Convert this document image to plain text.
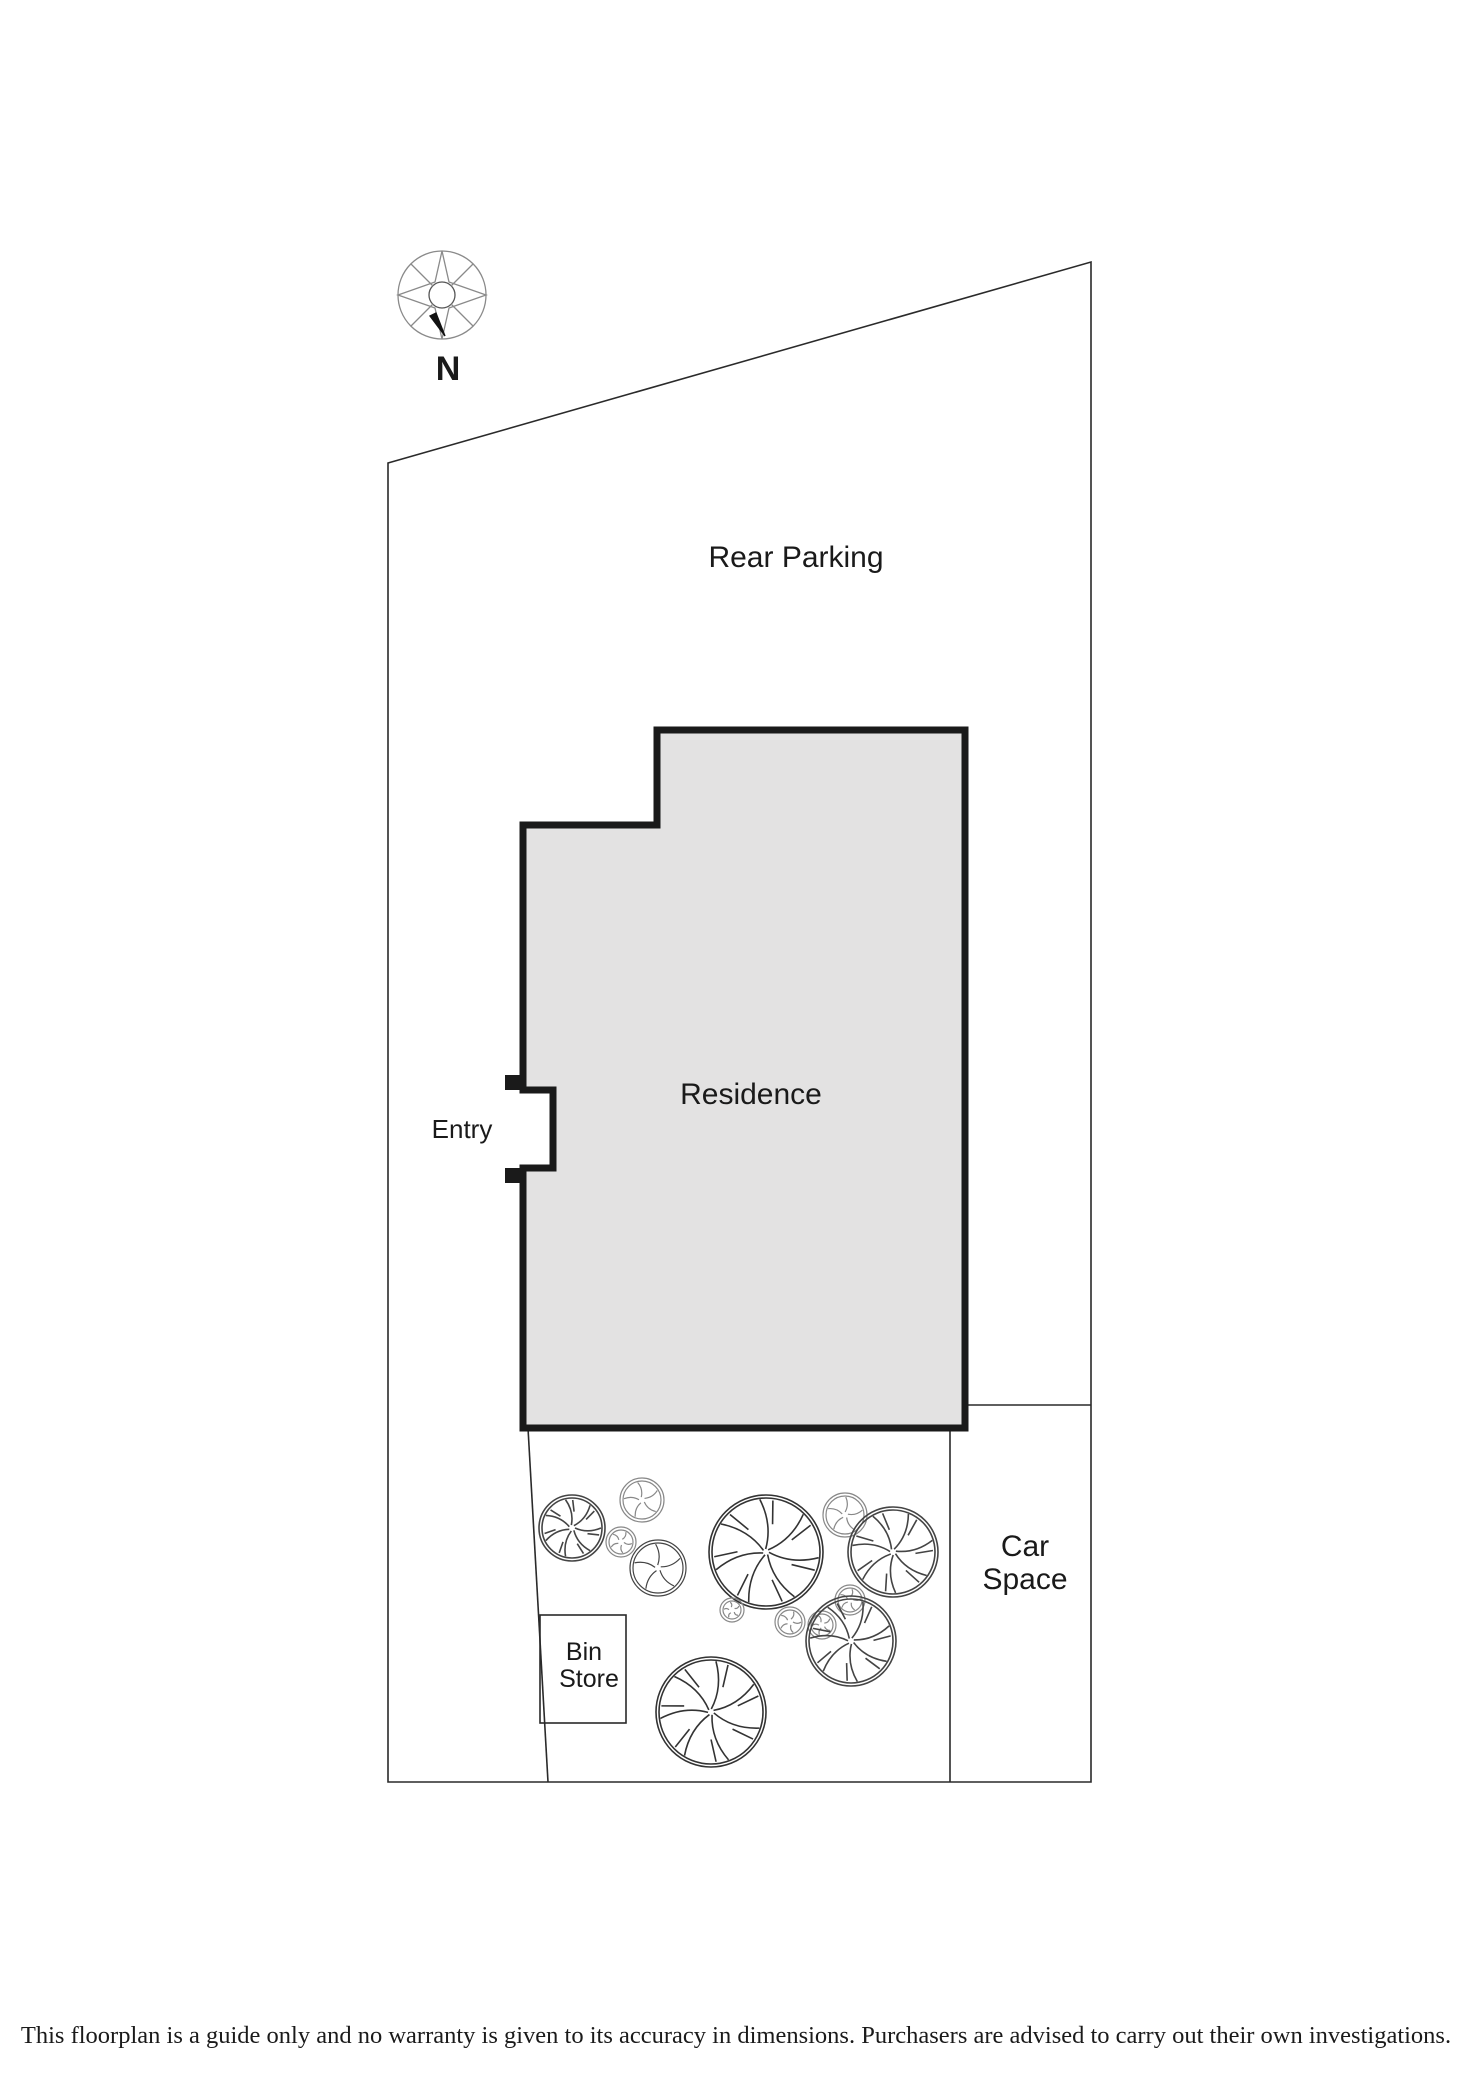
N
Rear Parking
Residence
Entry
Car
Space
Bin
Store
This floorplan is a guide only and no warranty is given to its accuracy in dimensions. Purchasers are advised to carry out their own investigations.
